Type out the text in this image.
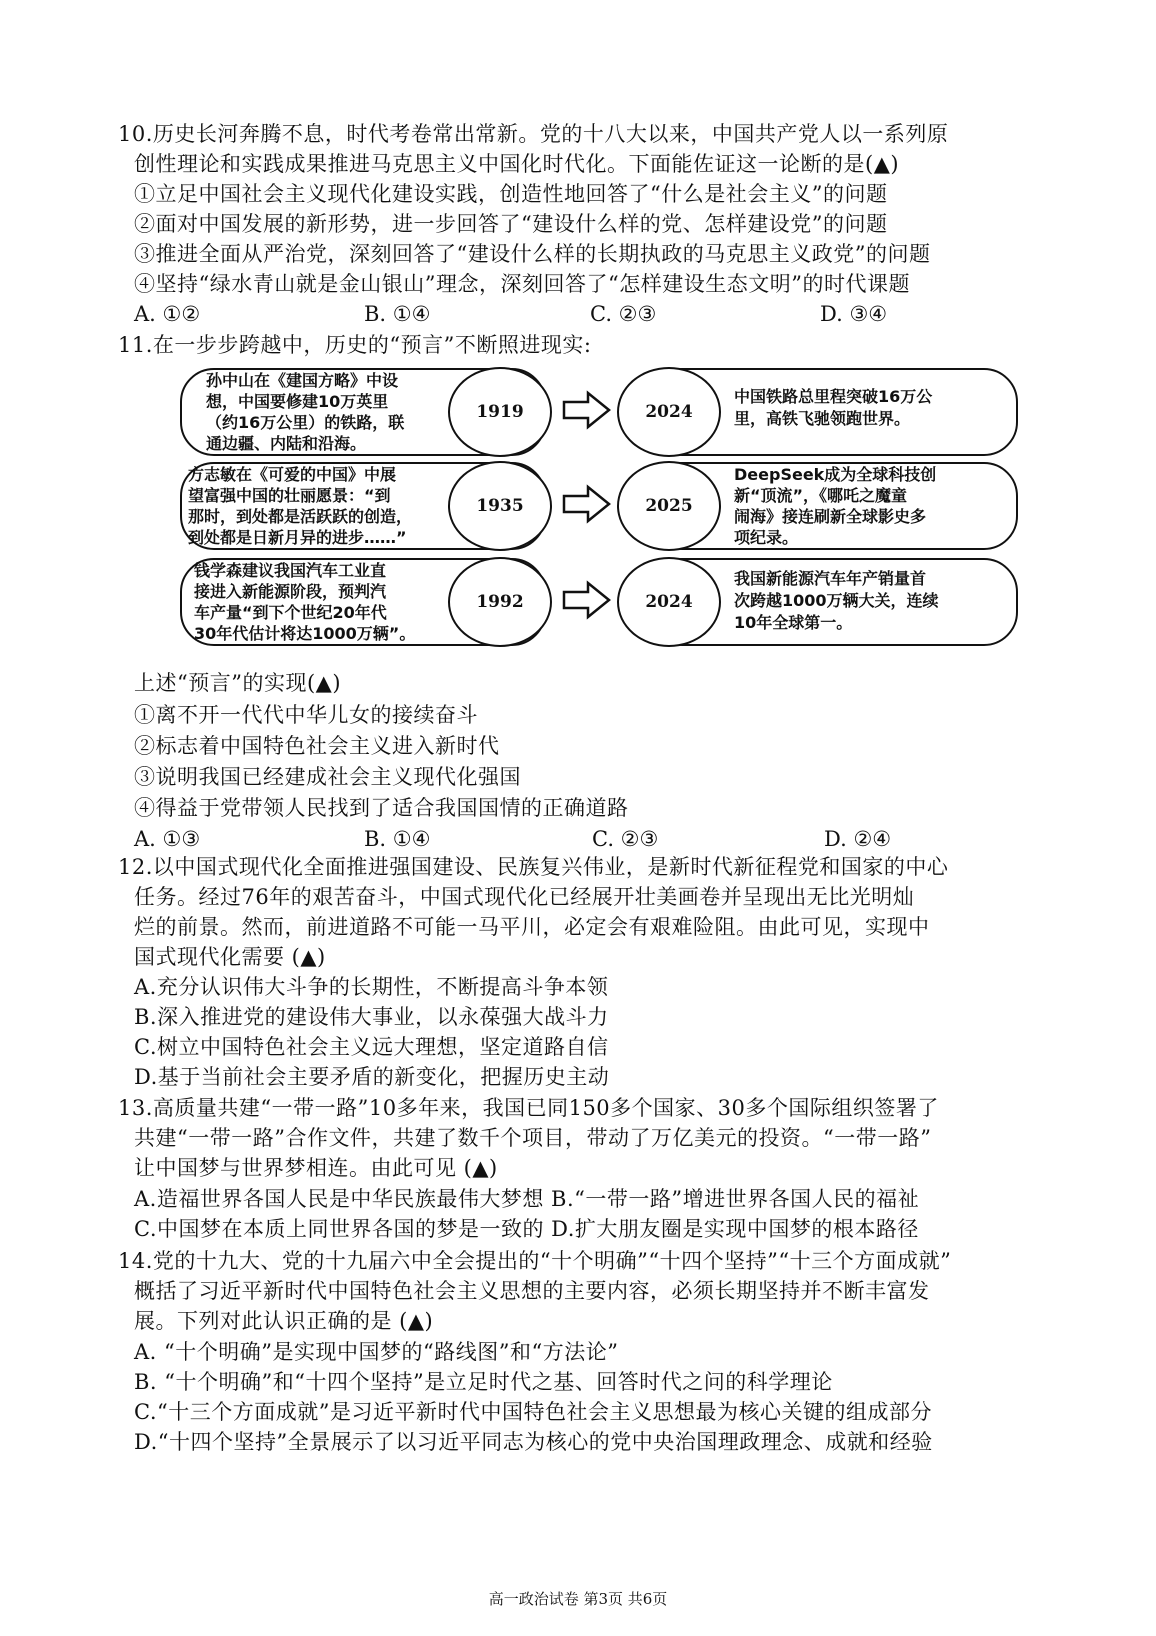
10.历史长河奔腾不息，时代考卷常出常新。党的十八大以来，中国共产党人以一系列原
创性理论和实践成果推进马克思主义中国化时代化。下面能佐证这一论断的是(▲)
①立足中国社会主义现代化建设实践，创造性地回答了“什么是社会主义”的问题
②面对中国发展的新形势，进一步回答了“建设什么样的党、怎样建设党”的问题
③推进全面从严治党，深刻回答了“建设什么样的长期执政的马克思主义政党”的问题
④坚持“绿水青山就是金山银山”理念，深刻回答了“怎样建设生态文明”的时代课题
A. ①②	B. ①④	C. ②③	D. ③④
11.在一步步跨越中，历史的“预言”不断照进现实:
孙中山在《建国方略》中设
想，中国要修建10万英里
（约16万公里）的铁路，联
通边疆、内陆和沿海。
1919	2024
中国铁路总里程突破16万公
里，高铁飞驰领跑世界。
方志敏在《可爱的中国》中展
望富强中国的壮丽愿景：“到
那时，到处都是活跃跃的创造，
到处都是日新月异的进步……”
1935	2025
DeepSeek成为全球科技创
新“顶流”，《哪吒之魔童
闹海》接连刷新全球影史多
项纪录。
钱学森建议我国汽车工业直
接进入新能源阶段，预判汽
车产量“到下个世纪20年代
30年代估计将达1000万辆”。
1992	2024
我国新能源汽车年产销量首
次跨越1000万辆大关，连续
10年全球第一。
上述“预言”的实现(▲)
①离不开一代代中华儿女的接续奋斗
②标志着中国特色社会主义进入新时代
③说明我国已经建成社会主义现代化强国
④得益于党带领人民找到了适合我国国情的正确道路
A. ①③	B. ①④	C. ②③	D. ②④
12.以中国式现代化全面推进强国建设、民族复兴伟业，是新时代新征程党和国家的中心
任务。经过76年的艰苦奋斗，中国式现代化已经展开壮美画卷并呈现出无比光明灿
烂的前景。然而，前进道路不可能一马平川，必定会有艰难险阻。由此可见，实现中
国式现代化需要 (▲)
A.充分认识伟大斗争的长期性，不断提高斗争本领
B.深入推进党的建设伟大事业，以永葆强大战斗力
C.树立中国特色社会主义远大理想，坚定道路自信
D.基于当前社会主要矛盾的新变化，把握历史主动
13.高质量共建“一带一路”10多年来，我国已同150多个国家、30多个国际组织签署了
共建“一带一路”合作文件，共建了数千个项目，带动了万亿美元的投资。“一带一路”
让中国梦与世界梦相连。由此可见 (▲)
A.造福世界各国人民是中华民族最伟大梦想 B.“一带一路”增进世界各国人民的福祉
C.中国梦在本质上同世界各国的梦是一致的 D.扩大朋友圈是实现中国梦的根本路径
14.党的十九大、党的十九届六中全会提出的“十个明确”“十四个坚持”“十三个方面成就”
概括了习近平新时代中国特色社会主义思想的主要内容，必须长期坚持并不断丰富发
展。下列对此认识正确的是 (▲)
A. “十个明确”是实现中国梦的“路线图”和“方法论”
B. “十个明确”和“十四个坚持”是立足时代之基、回答时代之问的科学理论
C.“十三个方面成就”是习近平新时代中国特色社会主义思想最为核心关键的组成部分
D.“十四个坚持”全景展示了以习近平同志为核心的党中央治国理政理念、成就和经验
高一政治试卷 第3页 共6页
